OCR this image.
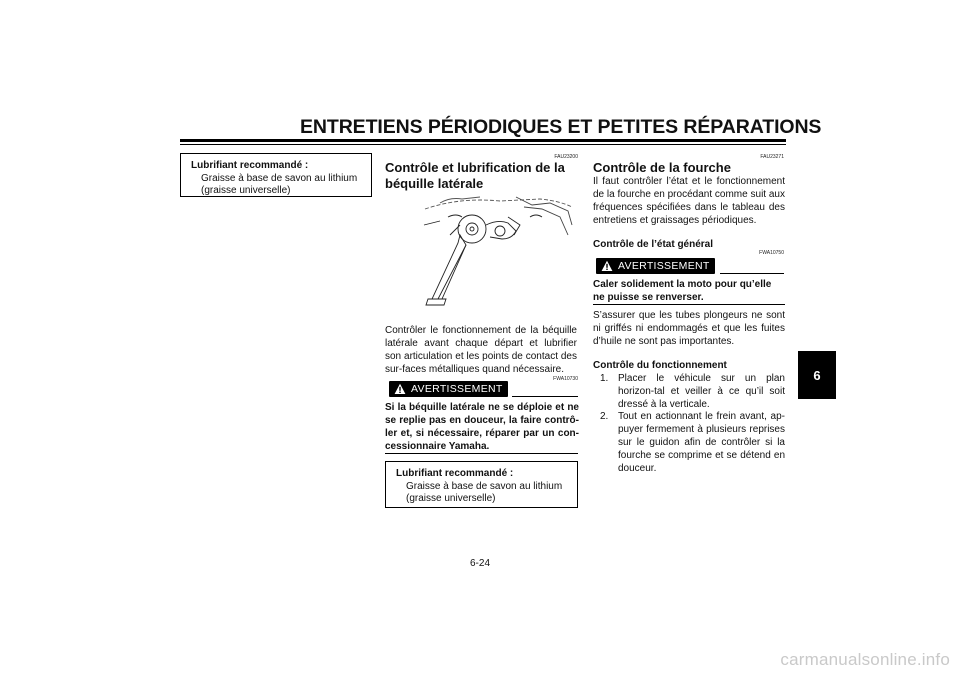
ENTRETIENS PÉRIODIQUES ET PETITES RÉPARATIONS
Lubrifiant recommandé :
Graisse à base de savon au lithium
(graisse universelle)
FAU23200
Contrôle et lubrification de la
béquille latérale
Contrôler le fonctionnement de la béquille latérale avant chaque départ et lubrifier son articulation et les points de contact des sur-faces métalliques quand nécessaire.
FWA10730
AVERTISSEMENT
Si la béquille latérale ne se déploie et ne se replie pas en douceur, la faire contrô-ler et, si nécessaire, réparer par un con-cessionnaire Yamaha.
Lubrifiant recommandé :
Graisse à base de savon au lithium
(graisse universelle)
FAU23271
Contrôle de la fourche
Il faut contrôler l’état et le fonctionnement de la fourche en procédant comme suit aux fréquences spécifiées dans le tableau des entretiens et graissages périodiques.
Contrôle de l’état général
FWA10750
AVERTISSEMENT
Caler solidement la moto pour qu’elle ne puisse se renverser.
S’assurer que les tubes plongeurs ne sont ni griffés ni endommagés et que les fuites d’huile ne sont pas importantes.
Contrôle du fonctionnement
1. Placer le véhicule sur un plan horizon-tal et veiller à ce qu’il soit dressé à la verticale.
2. Tout en actionnant le frein avant, ap-puyer fermement à plusieurs reprises sur le guidon afin de contrôler si la fourche se comprime et se détend en douceur.
6-24
6
carmanualsonline.info
